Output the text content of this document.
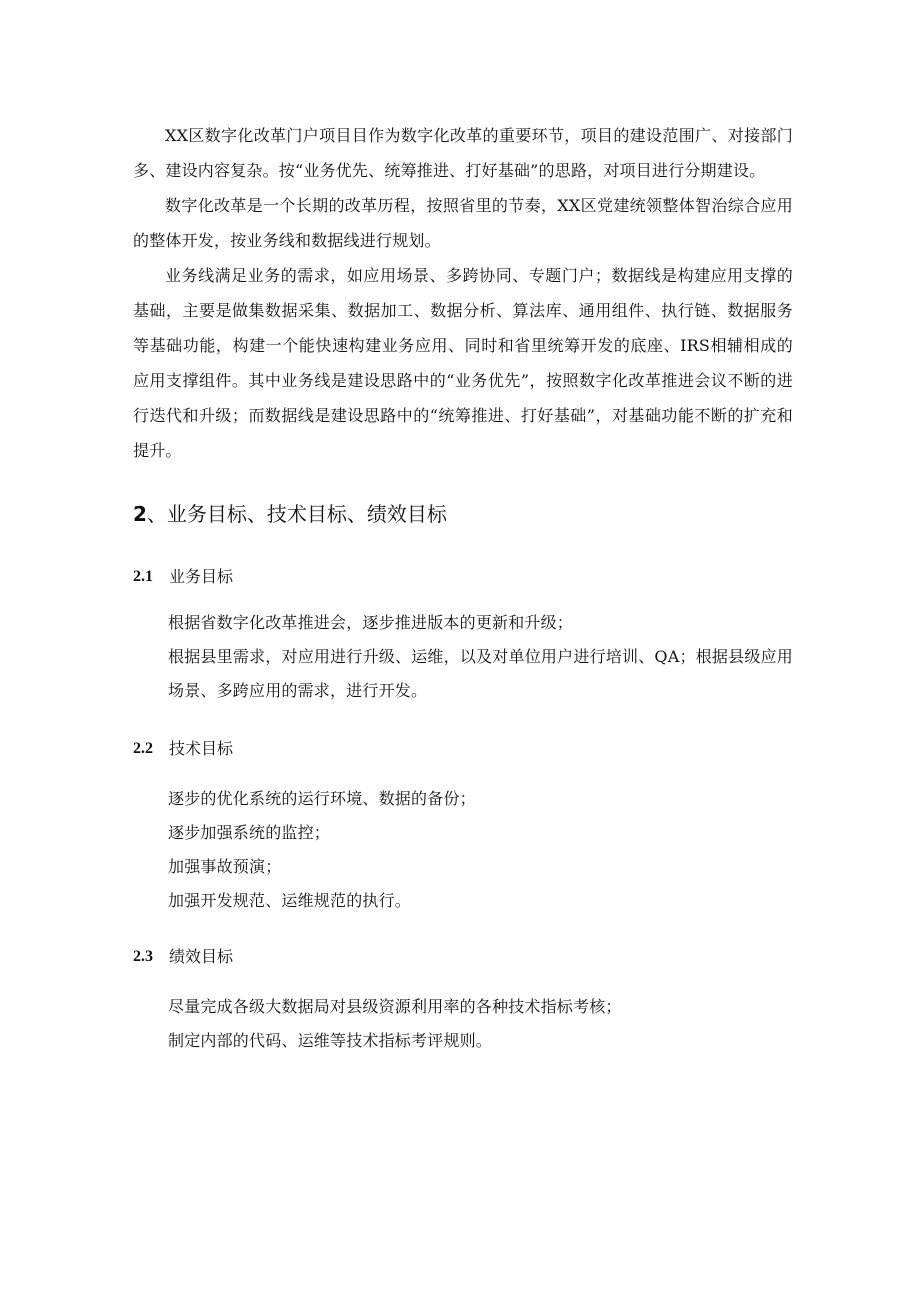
XX区数字化改革门户项目目作为数字化改革的重要环节，项目的建设范围广、对接部门多、建设内容复杂。按“业务优先、统筹推进、打好基础”的思路，对项目进行分期建设。

数字化改革是一个长期的改革历程，按照省里的节奏，XX区党建统领整体智治综合应用的整体开发，按业务线和数据线进行规划。

业务线满足业务的需求，如应用场景、多跨协同、专题门户；数据线是构建应用支撑的基础，主要是做集数据采集、数据加工、数据分析、算法库、通用组件、执行链、数据服务等基础功能，构建一个能快速构建业务应用、同时和省里统筹开发的底座、IRS相辅相成的应用支撑组件。其中业务线是建设思路中的“业务优先”，按照数字化改革推进会议不断的进行迭代和升级；而数据线是建设思路中的“统筹推进、打好基础”，对基础功能不断的扩充和提升。

2、业务目标、技术目标、绩效目标
2.1	业务目标

根据省数字化改革推进会，逐步推进版本的更新和升级；

根据县里需求，对应用进行升级、运维，以及对单位用户进行培训、QA；根据县级应用场景、多跨应用的需求，进行开发。

2.2	技术目标

逐步的优化系统的运行环境、数据的备份；

逐步加强系统的监控；

加强事故预演；

加强开发规范、运维规范的执行。

2.3	绩效目标

尽量完成各级大数据局对县级资源利用率的各种技术指标考核；

制定内部的代码、运维等技术指标考评规则。
